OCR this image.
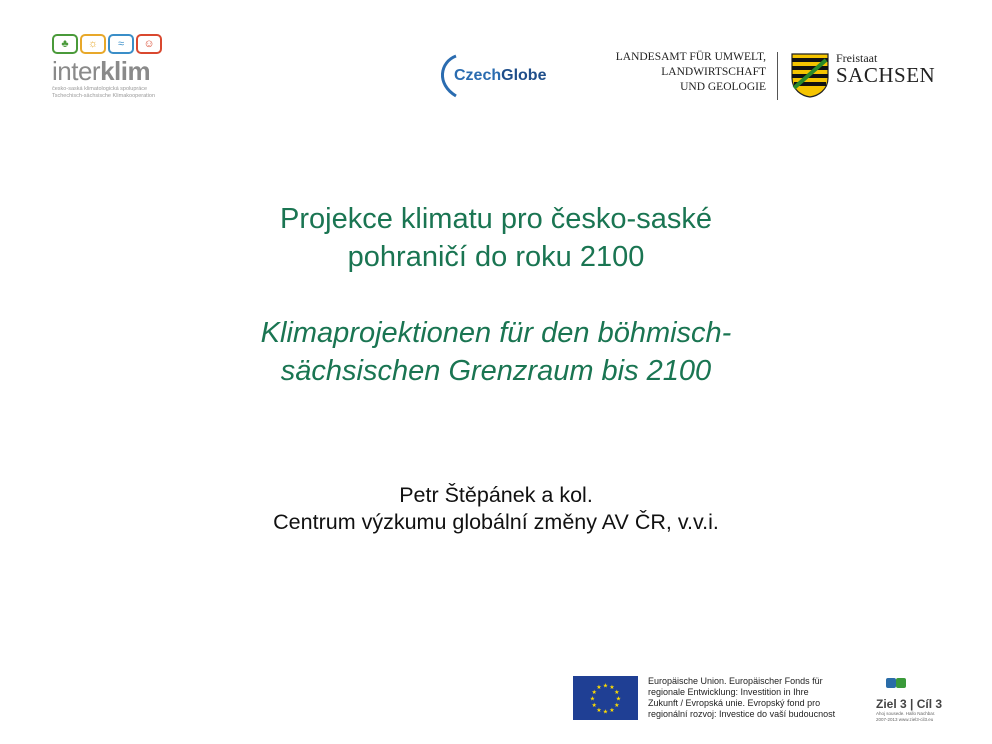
♣	☼	≈	☺
interklim
česko-saská klimatologická spolupráce
Tschechisch-sächsische Klimakooperation
CzechGlobe
LANDESAMT FÜR UMWELT,
LANDWIRTSCHAFT
UND GEOLOGIE
Freistaat
SACHSEN
Projekce klimatu pro česko-saské
pohraničí do roku 2100
Klimaprojektionen für den böhmisch-
sächsischen Grenzraum bis 2100
Petr Štěpánek a kol.
Centrum výzkumu globální změny AV ČR, v.v.i.
★
★
★
★
★
★
★
★
★ ★ ★
★
Europäische Union. Europäischer Fonds für
regionale Entwicklung: Investition in Ihre
Zukunft / Evropská unie. Evropský fond pro
regionální rozvoj: Investice do vaší budoucnost
Ziel 3 | Cíl 3
Ahoj sousede. Hallo Nachbar.
2007-2013 www.ziel3-cil3.eu
